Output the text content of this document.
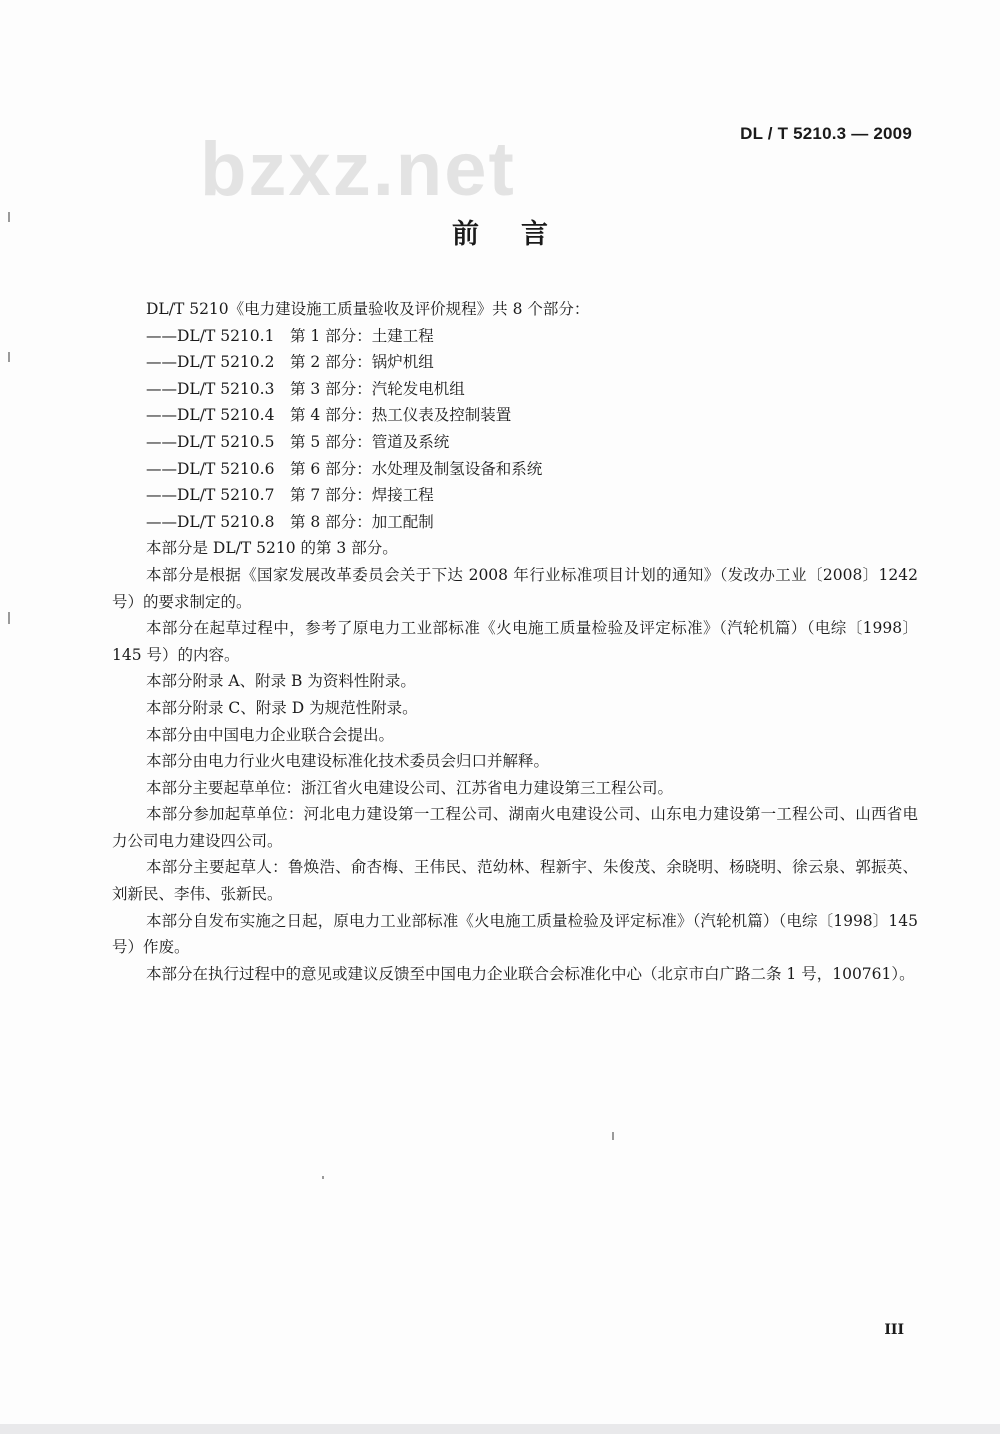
bzxz.net	DL / T 5210.3 — 2009
前言

DL/T 5210《电力建设施工质量验收及评价规程》共 8 个部分：

——DL/T 5210.1 第 1 部分：土建工程
——DL/T 5210.2 第 2 部分：锅炉机组
——DL/T 5210.3 第 3 部分：汽轮发电机组
——DL/T 5210.4 第 4 部分：热工仪表及控制装置
——DL/T 5210.5 第 5 部分：管道及系统
——DL/T 5210.6 第 6 部分：水处理及制氢设备和系统
——DL/T 5210.7 第 7 部分：焊接工程
——DL/T 5210.8 第 8 部分：加工配制

本部分是 DL/T 5210 的第 3 部分。

本部分是根据《国家发展改革委员会关于下达 2008 年行业标准项目计划的通知》（发改办工业〔2008〕1242 号）的要求制定的。

本部分在起草过程中，参考了原电力工业部标准《火电施工质量检验及评定标准》（汽轮机篇）（电综〔1998〕145 号）的内容。

本部分附录 A、附录 B 为资料性附录。

本部分附录 C、附录 D 为规范性附录。

本部分由中国电力企业联合会提出。

本部分由电力行业火电建设标准化技术委员会归口并解释。

本部分主要起草单位：浙江省火电建设公司、江苏省电力建设第三工程公司。

本部分参加起草单位：河北电力建设第一工程公司、湖南火电建设公司、山东电力建设第一工程公司、山西省电力公司电力建设四公司。

本部分主要起草人：鲁焕浩、俞杏梅、王伟民、范幼林、程新宇、朱俊茂、余晓明、杨晓明、徐云泉、郭振英、刘新民、李伟、张新民。

本部分自发布实施之日起，原电力工业部标准《火电施工质量检验及评定标准》（汽轮机篇）（电综〔1998〕145 号）作废。

本部分在执行过程中的意见或建议反馈至中国电力企业联合会标准化中心（北京市白广路二条 1 号，100761）。

III
